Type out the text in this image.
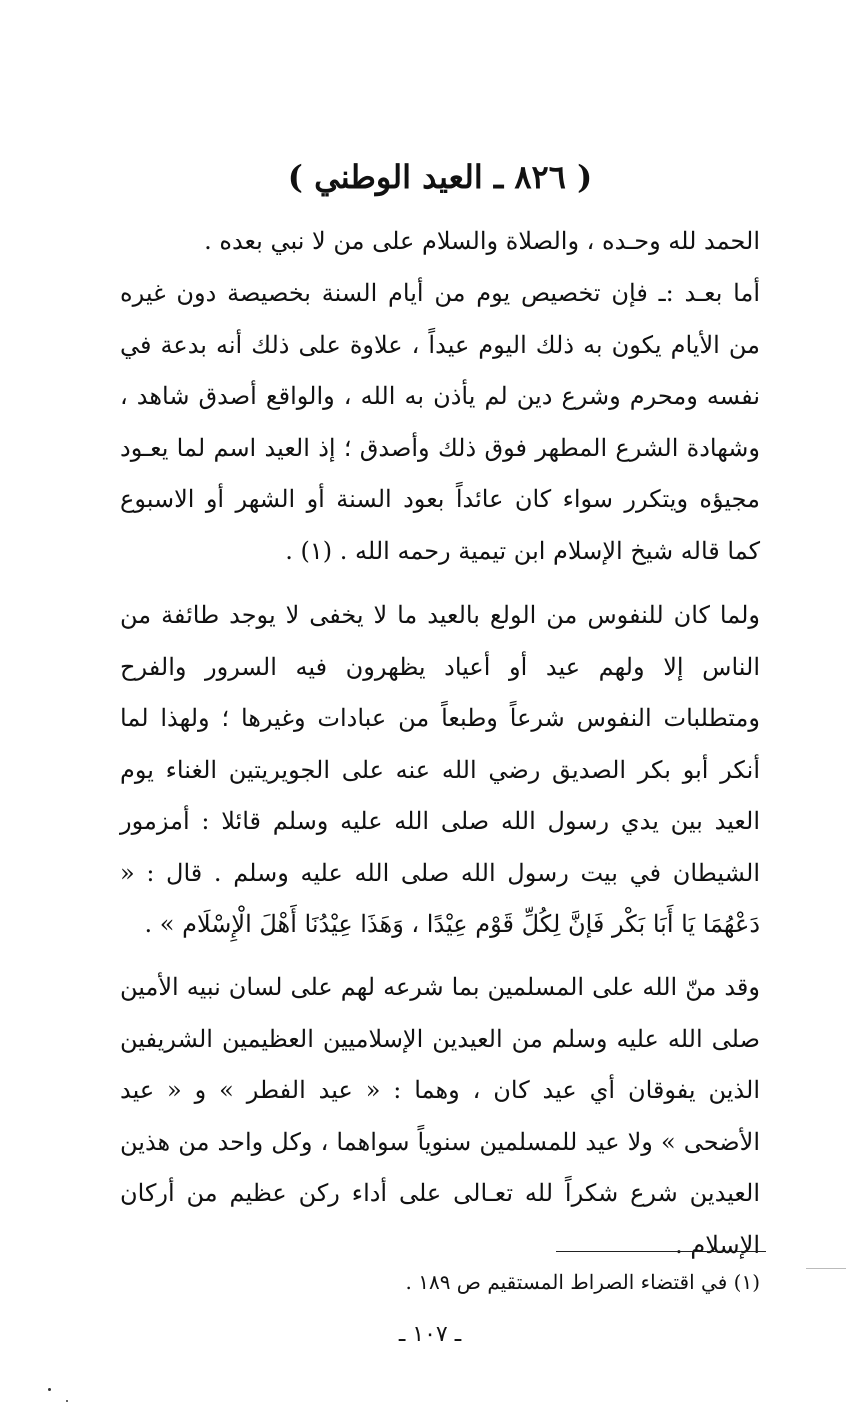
( ٨٢٦ ـ العيد الوطني )
الحمد لله وحـده ، والصلاة والسلام على من لا نبي بعده .
أما بعـد :ـ فإن تخصيص يوم من أيام السنة بخصيصة دون غيره من الأيام يكون به ذلك اليوم عيداً ، علاوة على ذلك أنه بدعة في نفسه ومحرم وشرع دين لم يأذن به الله ، والواقع أصدق شاهد ، وشهادة الشرع المطهر فوق ذلك وأصدق ؛ إذ العيد اسم لما يعـود مجيؤه ويتكرر سواء كان عائداً بعود السنة أو الشهر أو الاسبوع كما قاله شيخ الإسلام ابن تيمية رحمه الله . (١) .
ولما كان للنفوس من الولع بالعيد ما لا يخفى لا يوجد طائفة من الناس إلا ولهم عيد أو أعياد يظهرون فيه السرور والفرح ومتطلبات النفوس شرعاً وطبعاً من عبادات وغيرها ؛ ولهذا لما أنكر أبو بكر الصديق رضي الله عنه على الجويريتين الغناء يوم العيد بين يدي رسول الله صلى الله عليه وسلم قائلا : أمزمور الشيطان في بيت رسول الله صلى الله عليه وسلم . قال : « دَعْهُمَا يَا أَبَا بَكْر فَإنَّ لِكُلِّ قَوْم عِيْدًا ، وَهَذَا عِيْدُنَا أَهْلَ الْإِسْلَام » .
وقد منّ الله على المسلمين بما شرعه لهم على لسان نبيه الأمين صلى الله عليه وسلم من العيدين الإسلاميين العظيمين الشريفين الذين يفوقان أي عيد كان ، وهما : « عيد الفطر » و « عيد الأضحى » ولا عيد للمسلمين سنوياً سواهما ، وكل واحد من هذين العيدين شرع شكراً لله تعـالى على أداء ركن عظيم من أركان الإسلام .
(١) في اقتضاء الصراط المستقيم ص ١٨٩ .
ـ ١٠٧ ـ
